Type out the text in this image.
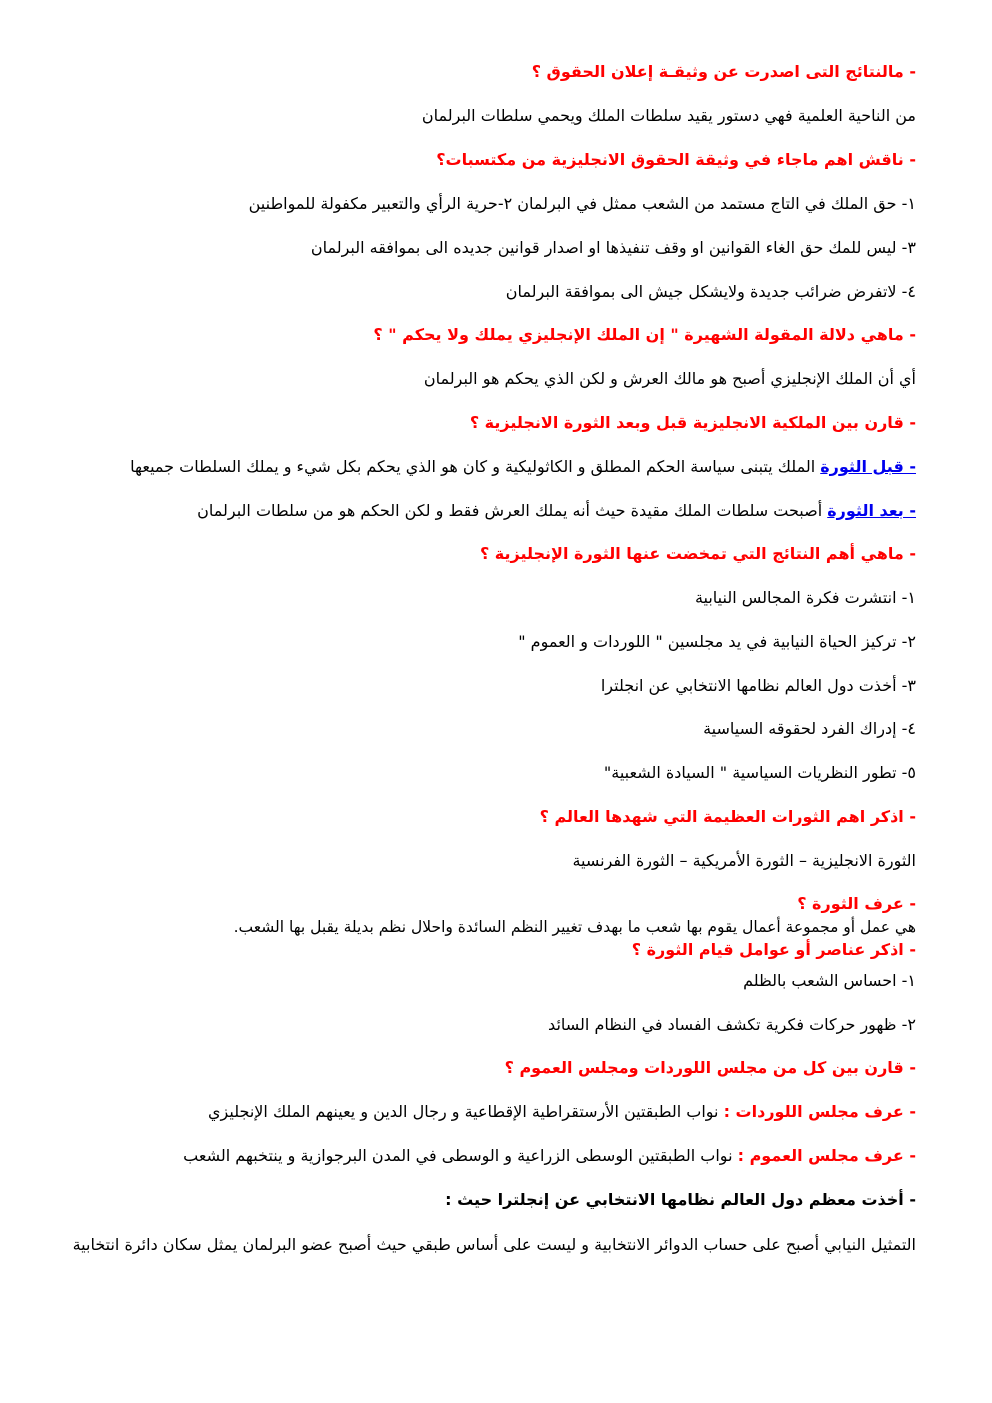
- مالنتائج التى اصدرت عن وثيقـة إعلان الحقوق ؟
من الناحية العلمية فهي دستور يقيد سلطات الملك ويحمي سلطات البرلمان
- ناقش اهم ماجاء في وثيقة الحقوق الانجليزية من مكتسبات؟
١- حق الملك في التاج مستمد من الشعب ممثل في البرلمان ٢-حرية الرأي والتعبير مكفولة للمواطنين
٣- ليس للمك حق الغاء القوانين او وقف تنفيذها او اصدار قوانين جديده الى بموافقه البرلمان
٤- لاتفرض ضرائب جديدة ولايشكل جيش الى بموافقة البرلمان
- ماهي دلالة المقولة الشهيرة " إن الملك الإنجليزي يملك ولا يحكم " ؟
أي أن الملك الإنجليزي أصبح هو مالك العرش و لكن الذي يحكم هو البرلمان
- قارن بين الملكية الانجليزية قبل وبعد الثورة الانجليزية ؟
- قبل الثورة الملك يتبنى سياسة الحكم المطلق و الكاثوليكية و كان هو الذي يحكم بكل شيء و يملك السلطات جميعها
- بعد الثورة أصبحت سلطات الملك مقيدة حيث أنه يملك العرش فقط و لكن الحكم هو من سلطات البرلمان
- ماهي أهم النتائج التي تمخضت عنها الثورة الإنجليزية ؟
١- انتشرت فكرة المجالس النيابية
٢- تركيز الحياة النيابية في يد مجلسين " اللوردات و العموم "
٣- أخذت دول العالم نظامها الانتخابي عن انجلترا
٤- إدراك الفرد لحقوقه السياسية
٥- تطور النظريات السياسية " السيادة الشعبية"
- اذكر اهم الثورات العظيمة التي شهدها العالم ؟
الثورة الانجليزية – الثورة الأمريكية – الثورة الفرنسية
- عرف الثورة ؟
هي عمل أو مجموعة أعمال يقوم بها شعب ما بهدف تغيير النظم السائدة واحلال نظم بديلة يقبل بها الشعب.
- اذكر عناصر أو عوامل قيام الثورة ؟
١- احساس الشعب بالظلم
٢- ظهور حركات فكرية تكشف الفساد في النظام السائد
- قارن بين كل من مجلس اللوردات ومجلس العموم ؟
- عرف مجلس اللوردات : نواب الطبقتين الأرستقراطية الإقطاعية و رجال الدين و يعينهم الملك الإنجليزي
- عرف مجلس العموم : نواب الطبقتين الوسطى الزراعية و الوسطى في المدن البرجوازية و ينتخبهم الشعب
- أخذت معظم دول العالم نظامها الانتخابي عن إنجلترا حيث :
التمثيل النيابي أصبح على حساب الدوائر الانتخابية و ليست على أساس طبقي حيث أصبح عضو البرلمان يمثل سكان دائرة انتخابية
